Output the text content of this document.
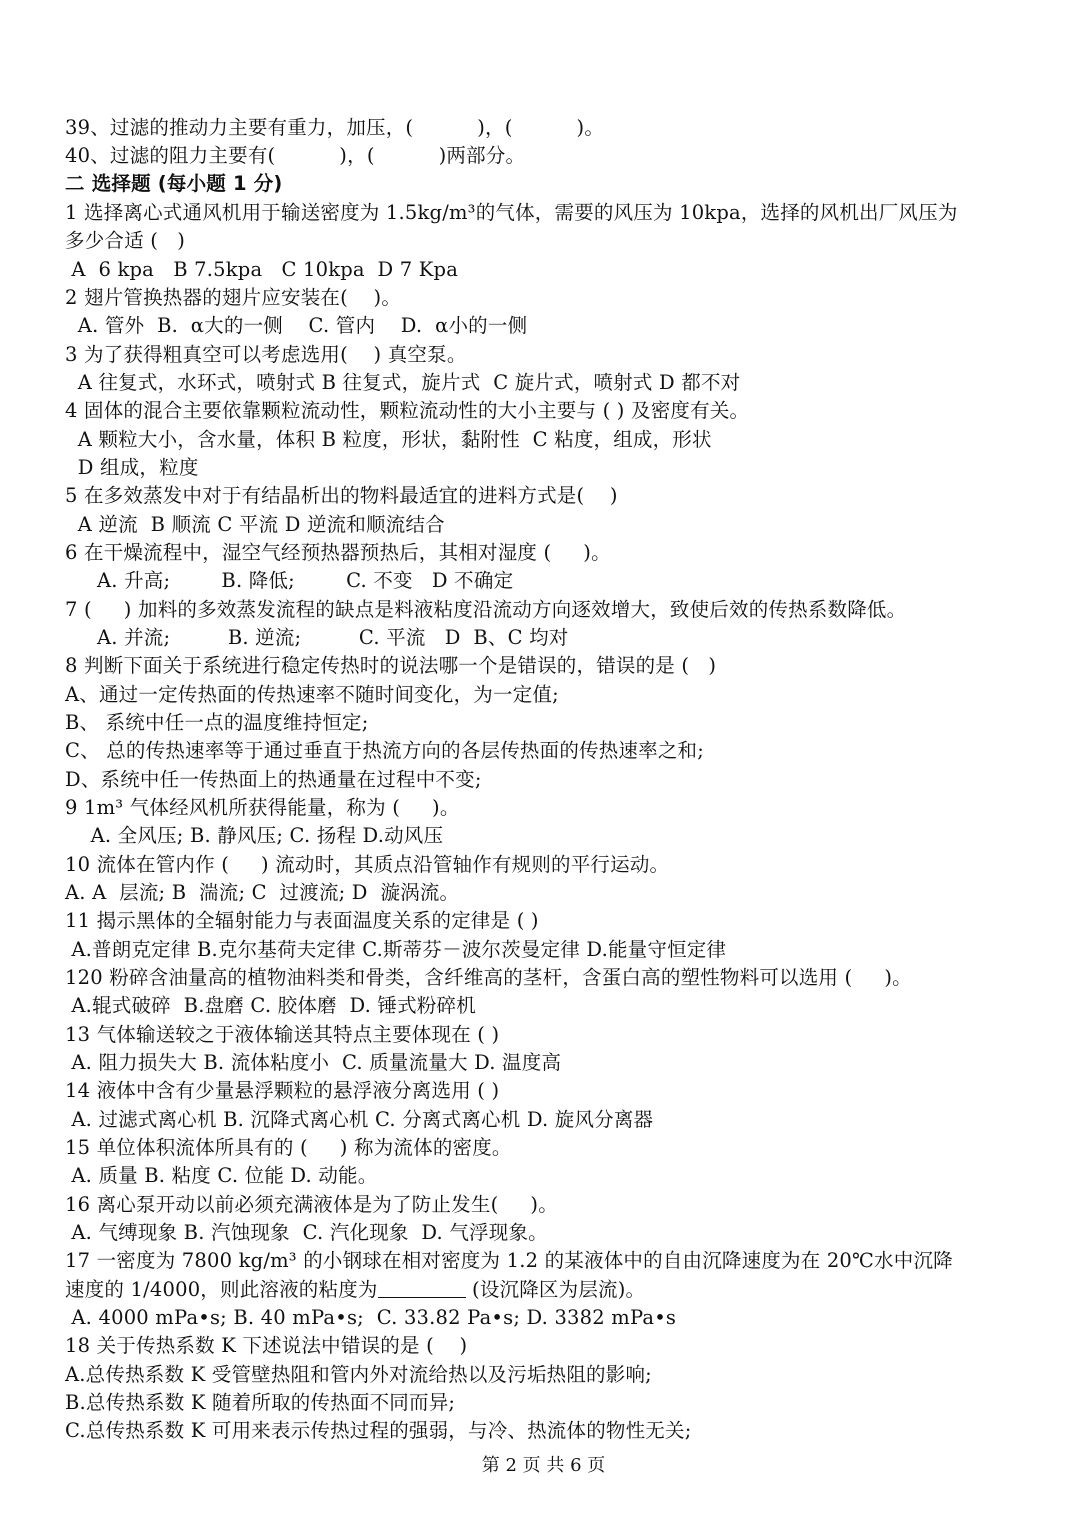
39、过滤的推动力主要有重力，加压，(          )，(          )。
40、过滤的阻力主要有(          )，(          )两部分。
二 选择题 (每小题 1 分)
1 选择离心式通风机用于输送密度为 1.5kg/m³的气体，需要的风压为 10kpa，选择的风机出厂风压为
多少合适 (   )
A  6 kpa   B 7.5kpa   C 10kpa  D 7 Kpa
2 翅片管换热器的翅片应安装在(    )。
A. 管外  B.  α大的一侧    C. 管内    D.  α小的一侧
3 为了获得粗真空可以考虑选用(    ) 真空泵。
A 往复式，水环式，喷射式 B 往复式，旋片式  C 旋片式，喷射式 D 都不对
4 固体的混合主要依靠颗粒流动性，颗粒流动性的大小主要与 ( ) 及密度有关。
A 颗粒大小，含水量，体积 B 粒度，形状，黏附性  C 粘度，组成，形状
D 组成，粒度
5 在多效蒸发中对于有结晶析出的物料最适宜的进料方式是(    )
A 逆流  B 顺流 C 平流 D 逆流和顺流结合
6 在干燥流程中，湿空气经预热器预热后，其相对湿度 (     )。
A. 升高;        B. 降低;        C. 不变   D 不确定
7 (     ) 加料的多效蒸发流程的缺点是料液粘度沿流动方向逐效增大，致使后效的传热系数降低。
A. 并流;         B. 逆流;         C. 平流   D  B、C 均对
8 判断下面关于系统进行稳定传热时的说法哪一个是错误的，错误的是 (   )
A、通过一定传热面的传热速率不随时间变化，为一定值;
B、 系统中任一点的温度维持恒定;
C、 总的传热速率等于通过垂直于热流方向的各层传热面的传热速率之和;
D、系统中任一传热面上的热通量在过程中不变;
9 1m³ 气体经风机所获得能量，称为 (     )。
A. 全风压; B. 静风压; C. 扬程 D.动风压
10 流体在管内作 (     ) 流动时，其质点沿管轴作有规则的平行运动。
A. A  层流; B  湍流; C  过渡流; D  漩涡流。
11 揭示黑体的全辐射能力与表面温度关系的定律是 ( )
A.普朗克定律 B.克尔基荷夫定律 C.斯蒂芬－波尔茨曼定律 D.能量守恒定律
120 粉碎含油量高的植物油料类和骨类，含纤维高的茎杆，含蛋白高的塑性物料可以选用 (     )。
A.辊式破碎  B.盘磨 C. 胶体磨  D. 锤式粉碎机
13 气体输送较之于液体输送其特点主要体现在 ( )
A. 阻力损失大 B. 流体粘度小  C. 质量流量大 D. 温度高
14 液体中含有少量悬浮颗粒的悬浮液分离选用 ( )
A. 过滤式离心机 B. 沉降式离心机 C. 分离式离心机 D. 旋风分离器
15 单位体积流体所具有的 (     ) 称为流体的密度。
A. 质量 B. 粘度 C. 位能 D. 动能。
16 离心泵开动以前必须充满液体是为了防止发生(     )。
A. 气缚现象 B. 汽蚀现象  C. 汽化现象  D. 气浮现象。
17 一密度为 7800 kg/m³ 的小钢球在相对密度为 1.2 的某液体中的自由沉降速度为在 20℃水中沉降
速度的 1/4000，则此溶液的粘度为	(设沉降区为层流)。
A. 4000 mPa•s; B. 40 mPa•s;  C. 33.82 Pa•s; D. 3382 mPa•s
18 关于传热系数 K 下述说法中错误的是 (    )
A.总传热系数 K 受管壁热阻和管内外对流给热以及污垢热阻的影响;
B.总传热系数 K 随着所取的传热面不同而异;
C.总传热系数 K 可用来表示传热过程的强弱，与冷、热流体的物性无关;
第 2 页 共 6 页
